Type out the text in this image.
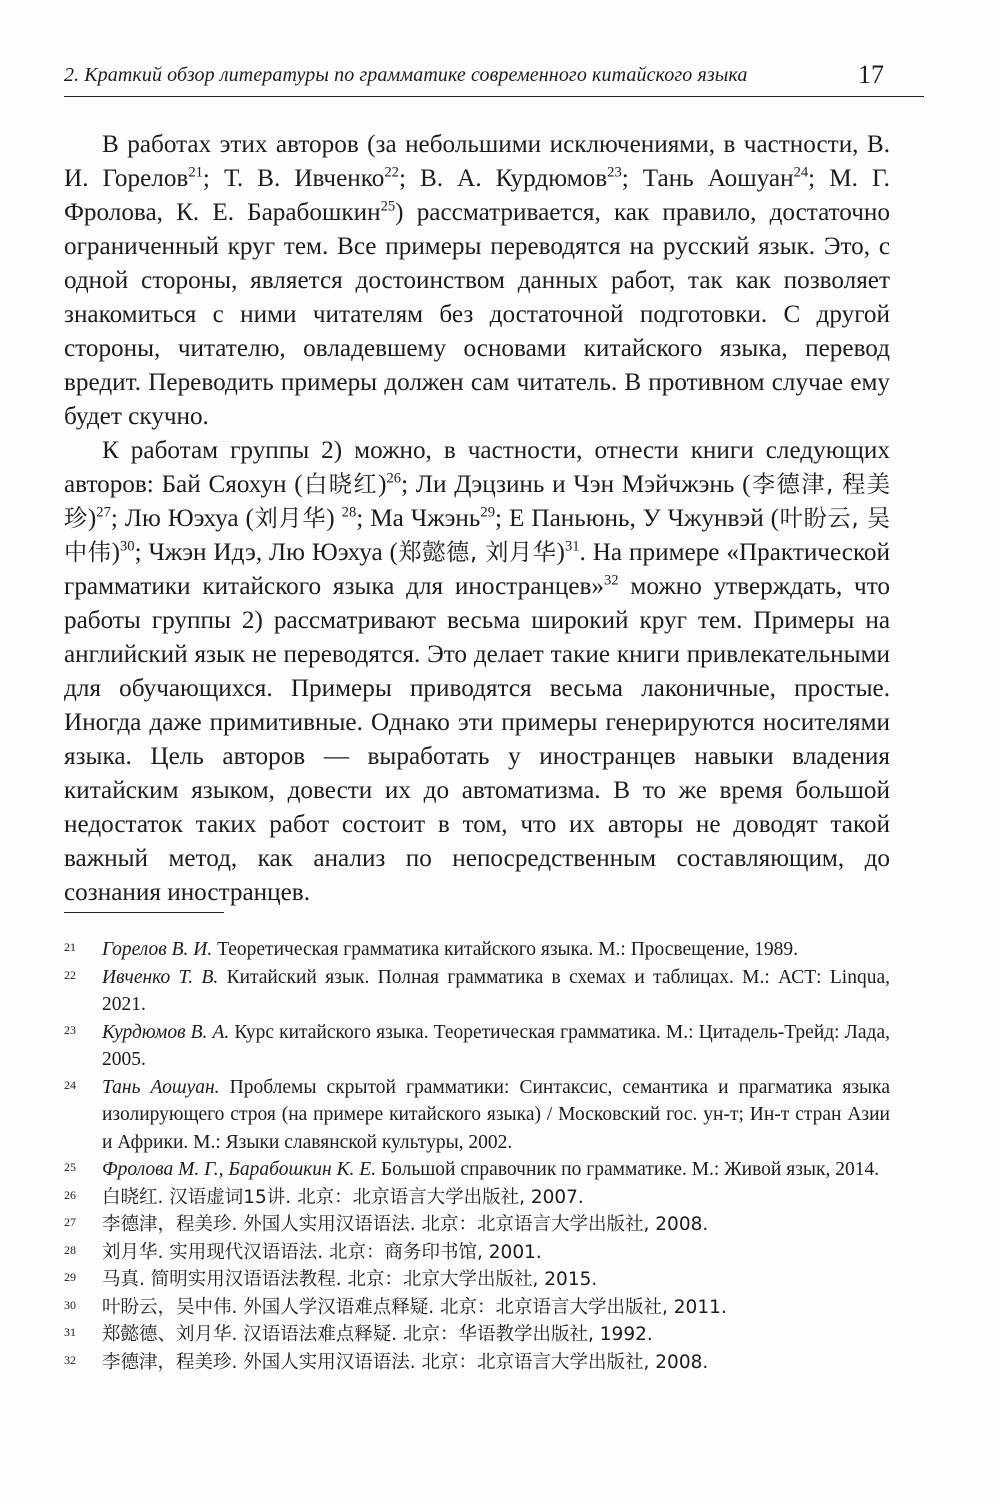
2. Краткий обзор литературы по грамматике современного китайского языка	17

В работах этих авторов (за небольшими исключениями, в частности, В. И. Горелов$^{21}$; Т. В. Ивченко$^{22}$; В. А. Курдюмов$^{23}$; Тань Аошуан$^{24}$; М. Г. Фролова, К. Е. Барабошкин$^{25}$) рассматривается, как правило, достаточно ограниченный круг тем. Все примеры переводятся на русский язык. Это, с одной стороны, является достоинством данных работ, так как позволяет знакомиться с ними читателям без достаточной подготовки. С другой стороны, читателю, овладевшему основами китайского языка, перевод вредит. Переводить примеры должен сам читатель. В противном случае ему будет скучно.

К работам группы 2) можно, в частности, отнести книги следующих авторов: Бай Сяохун (白晓红)$^{26}$; Ли Дэцзинь и Чэн Мэйчжэнь (李德津, 程美珍)$^{27}$; Лю Юэхуа (刘月华) $^{28}$; Ма Чжэнь$^{29}$; Е Паньюнь, У Чжунвэй (叶盼云, 吴中伟)$^{30}$; Чжэн Идэ, Лю Юэхуа (郑懿德, 刘月华)$^{31}$. На примере «Практической грамматики китайского языка для иностранцев»$^{32}$ можно утверждать, что работы группы 2) рассматривают весьма широкий круг тем. Примеры на английский язык не переводятся. Это делает такие книги привлекательными для обучающихся. Примеры приводятся весьма лаконичные, простые. Иногда даже примитивные. Однако эти примеры генерируются носителями языка. Цель авторов — выработать у иностранцев навыки владения китайским языком, довести их до автоматизма. В то же время большой недостаток таких работ состоит в том, что их авторы не доводят такой важный метод, как анализ по непосредственным составляющим, до сознания иностранцев.

21	Горелов В. И. Теоретическая грамматика китайского языка. М.: Просвещение, 1989.
22	Ивченко Т. В. Китайский язык. Полная грамматика в схемах и таблицах. М.: АСТ: Linqua, 2021.
23	Курдюмов В. А. Курс китайского языка. Теоретическая грамматика. М.: Цитадель-Трейд: Лада, 2005.
24	Тань Аошуан. Проблемы скрытой грамматики: Синтаксис, семантика и прагматика языка изолирующего строя (на примере китайского языка) / Московский гос. ун-т; Ин-т стран Азии и Африки. М.: Языки славянской культуры, 2002.
25	Фролова М. Г., Барабошкин К. Е. Большой справочник по грамматике. М.: Живой язык, 2014.
26	白晓红. 汉语虚词15讲. 北京：北京语言大学出版社, 2007.
27	李德津，程美珍. 外国人实用汉语语法. 北京：北京语言大学出版社, 2008.
28	刘月华. 实用现代汉语语法. 北京：商务印书馆, 2001.
29	马真. 简明实用汉语语法教程. 北京：北京大学出版社, 2015.
30	叶盼云，吴中伟. 外国人学汉语难点释疑. 北京：北京语言大学出版社, 2011.
31	郑懿德、刘月华. 汉语语法难点释疑. 北京：华语教学出版社, 1992.
32	李德津，程美珍. 外国人实用汉语语法. 北京：北京语言大学出版社, 2008.
